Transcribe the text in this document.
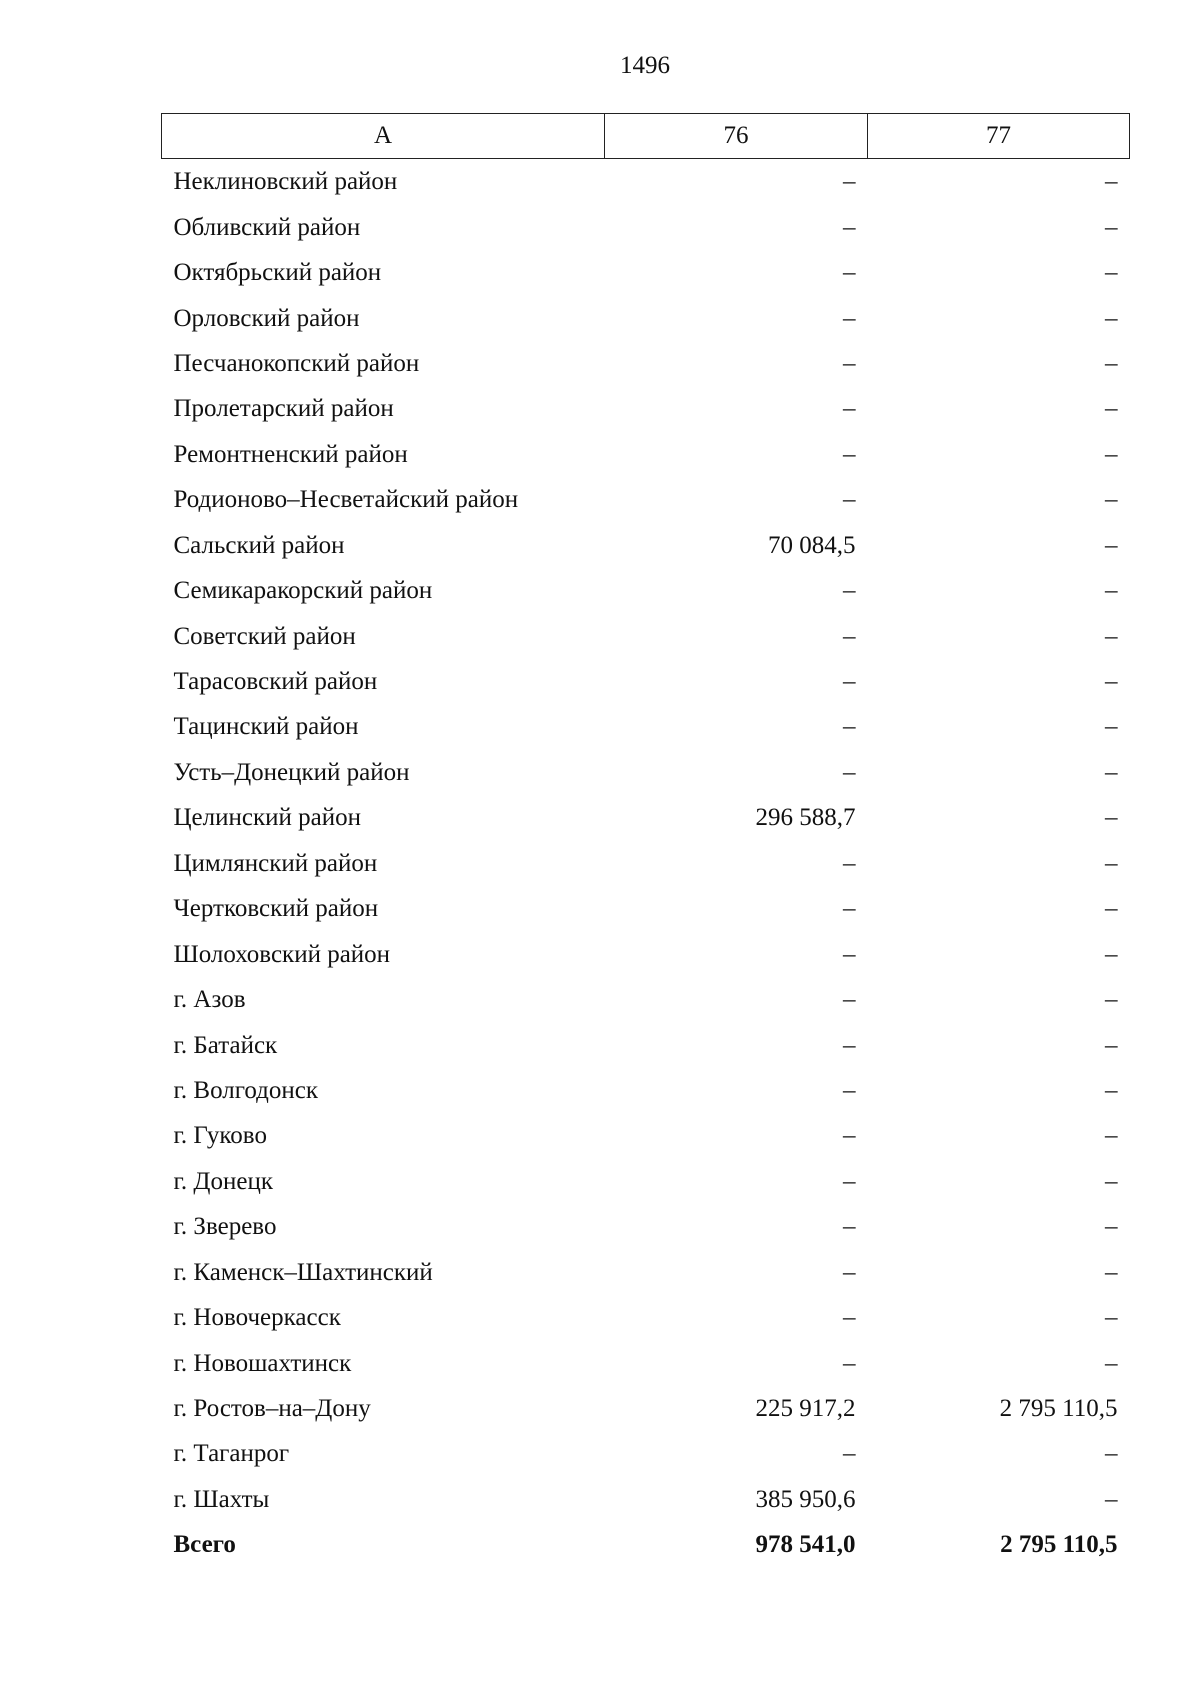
1496
А	76	77
Неклиновский район	–	–
Обливский район	–	–
Октябрьский район	–	–
Орловский район	–	–
Песчанокопский район	–	–
Пролетарский район	–	–
Ремонтненский район	–	–
Родионово–Несветайский район	–	–
Сальский район	70 084,5	–
Семикаракорский район	–	–
Советский район	–	–
Тарасовский район	–	–
Тацинский район	–	–
Усть–Донецкий район	–	–
Целинский район	296 588,7	–
Цимлянский район	–	–
Чертковский район	–	–
Шолоховский район	–	–
г. Азов	–	–
г. Батайск	–	–
г. Волгодонск	–	–
г. Гуково	–	–
г. Донецк	–	–
г. Зверево	–	–
г. Каменск–Шахтинский	–	–
г. Новочеркасск	–	–
г. Новошахтинск	–	–
г. Ростов–на–Дону	225 917,2	2 795 110,5
г. Таганрог	–	–
г. Шахты	385 950,6	–
Всего	978 541,0	2 795 110,5
